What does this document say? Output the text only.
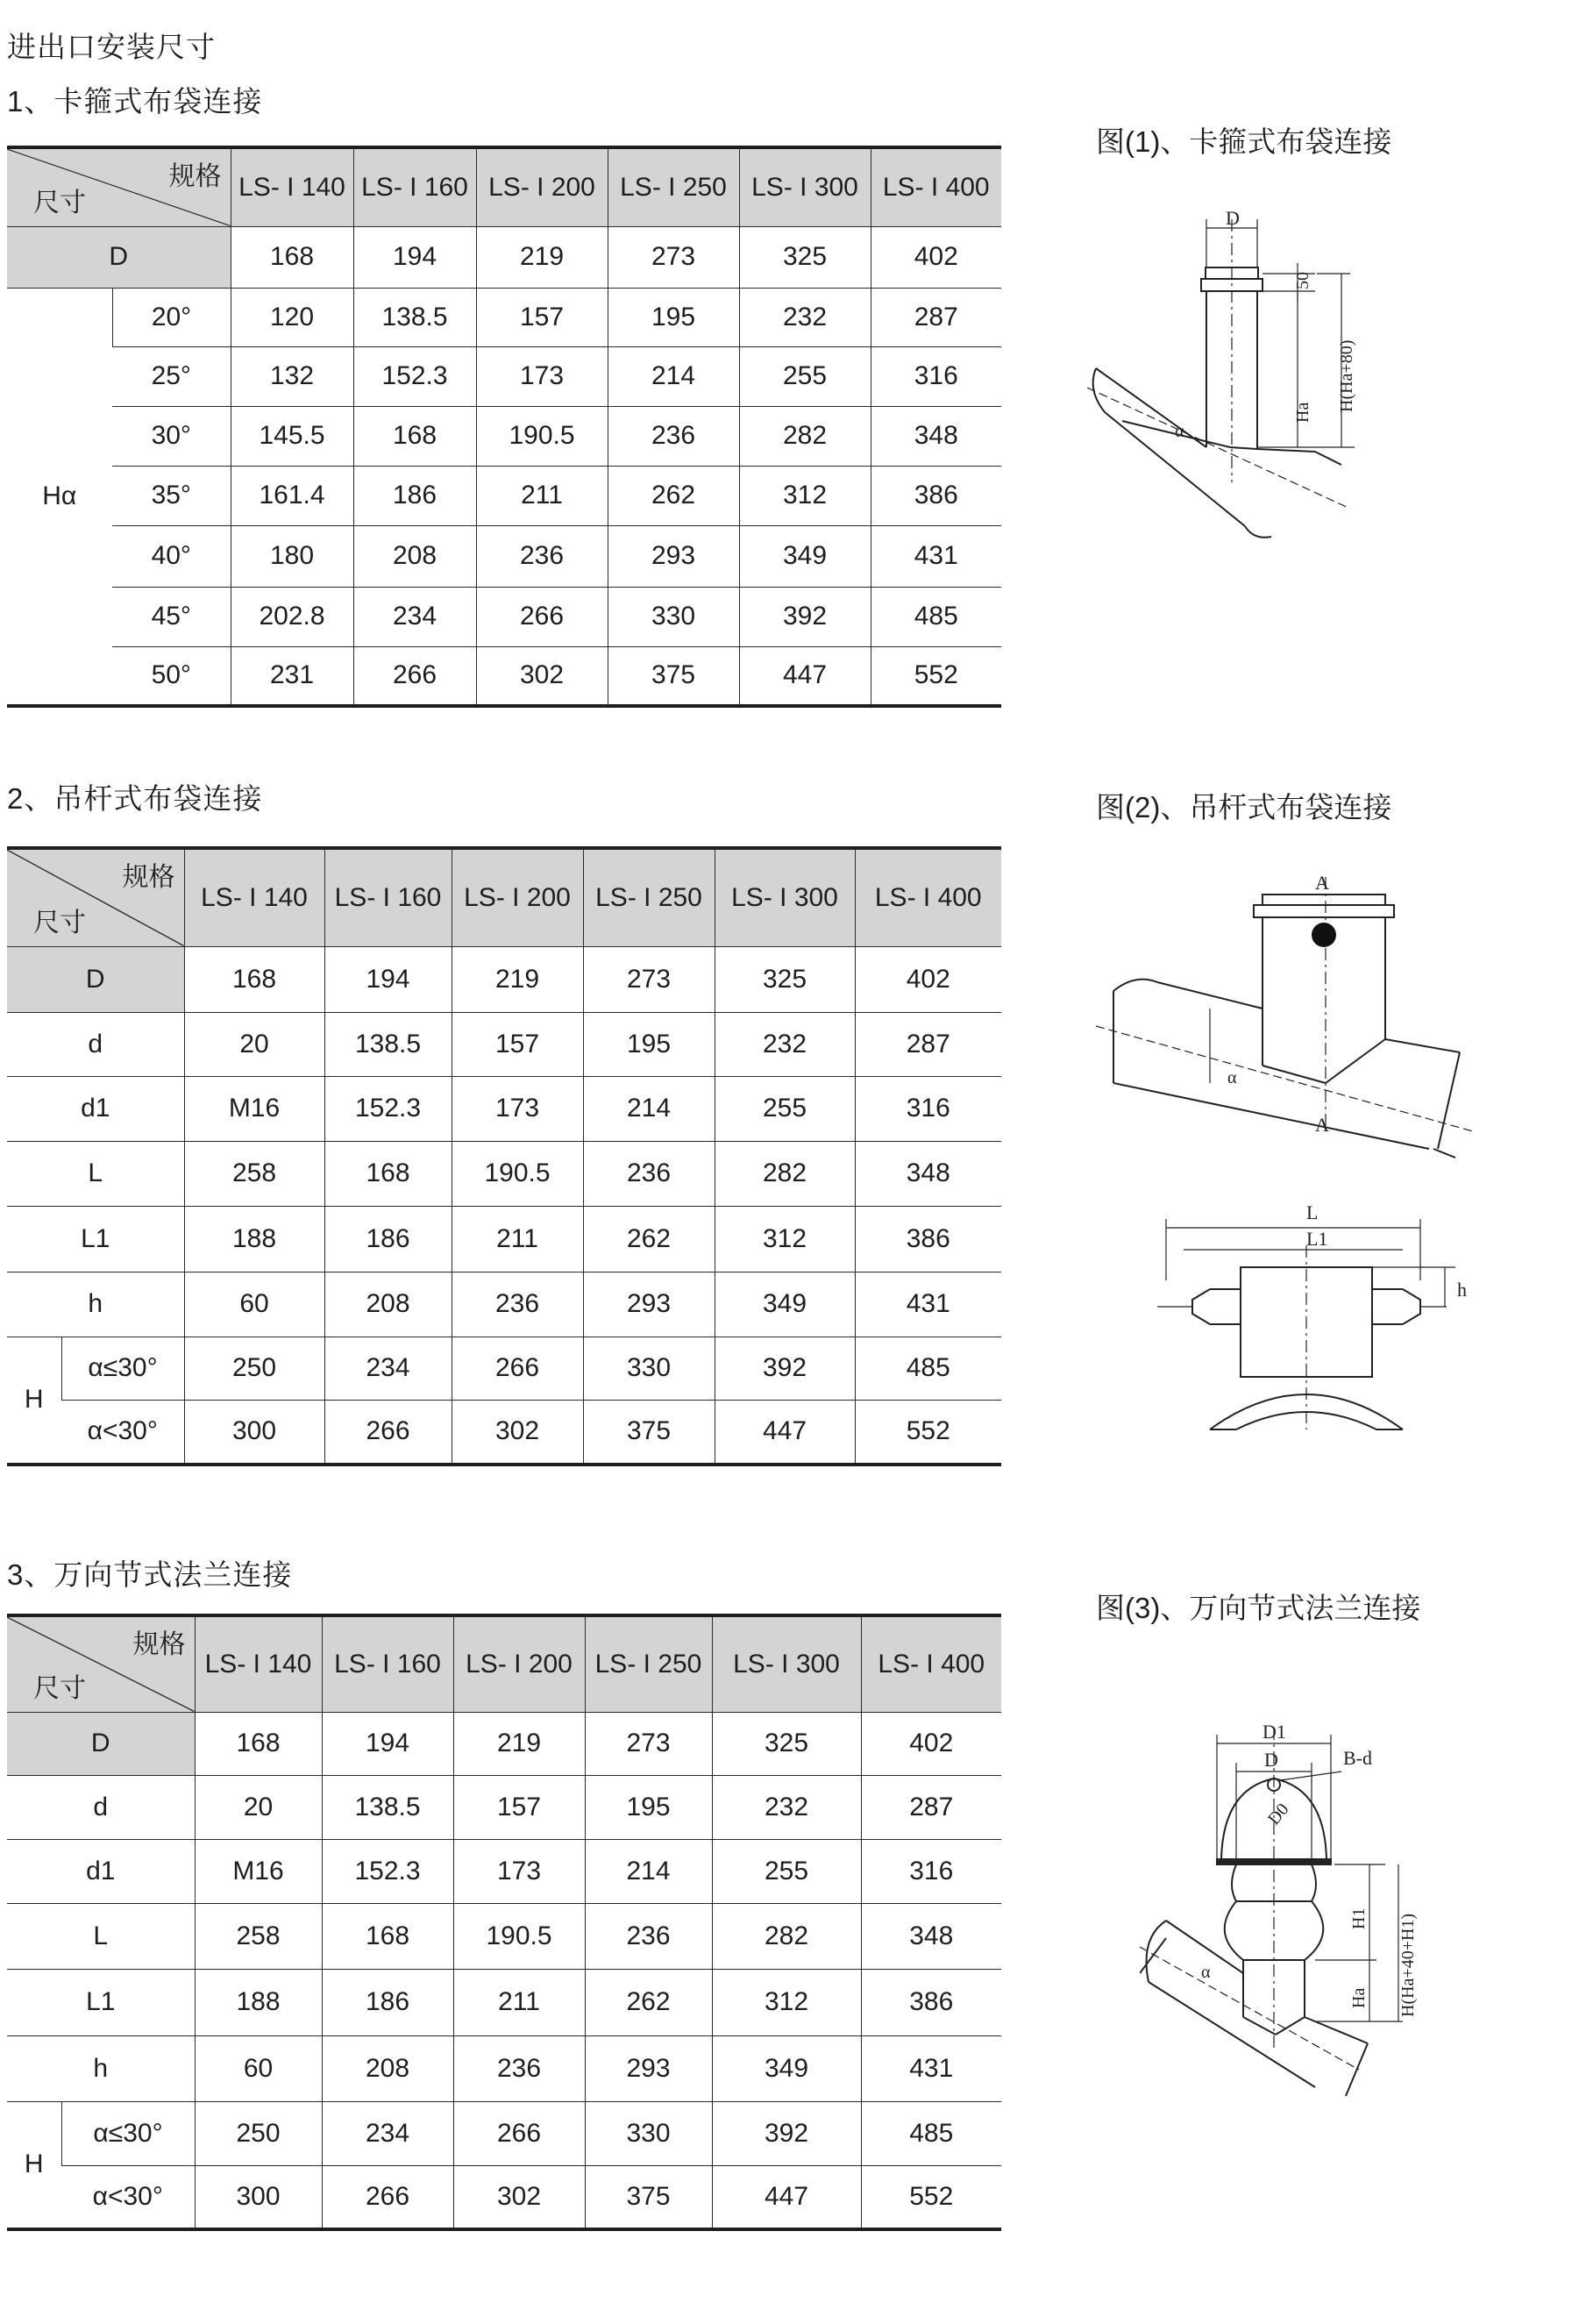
进出口安装尺寸
1、卡箍式布袋连接
规格
尺寸		LS- I 140	LS- I 160	LS- I 200	LS- I 250	LS- I 300	LS- I 400
D		168	194	219	273	325	402
Hα	20°	120	138.5	157	195	232	287
	25°	132	152.3	173	214	255	316
	30°	145.5	168	190.5	236	282	348
	35°	161.4	186	211	262	312	386
	40°	180	208	236	293	349	431
	45°	202.8	234	266	330	392	485
	50°	231	266	302	375	447	552
图(1)、卡箍式布袋连接
D
50
H(Ha+80)
Ha
α
2、吊杆式布袋连接
规格
尺寸		LS- I 140	LS- I 160	LS- I 200	LS- I 250	LS- I 300	LS- I 400
D		168	194	219	273	325	402
d		20	138.5	157	195	232	287
d1		M16	152.3	173	214	255	316
L		258	168	190.5	236	282	348
L1		188	186	211	262	312	386
h		60	208	236	293	349	431
H	α≤30°	250	234	266	330	392	485
	α<30°	300	266	302	375	447	552
图(2)、吊杆式布袋连接
A
A
α
L
L1
h
3、万向节式法兰连接
规格
尺寸		LS- I 140	LS- I 160	LS- I 200	LS- I 250	LS- I 300	LS- I 400
D		168	194	219	273	325	402
d		20	138.5	157	195	232	287
d1		M16	152.3	173	214	255	316
L		258	168	190.5	236	282	348
L1		188	186	211	262	312	386
h		60	208	236	293	349	431
H	α≤30°	250	234	266	330	392	485
	α<30°	300	266	302	375	447	552
图(3)、万向节式法兰连接
D1
D	B-d
D0
H1
Ha H(Ha+40+H1)
α
